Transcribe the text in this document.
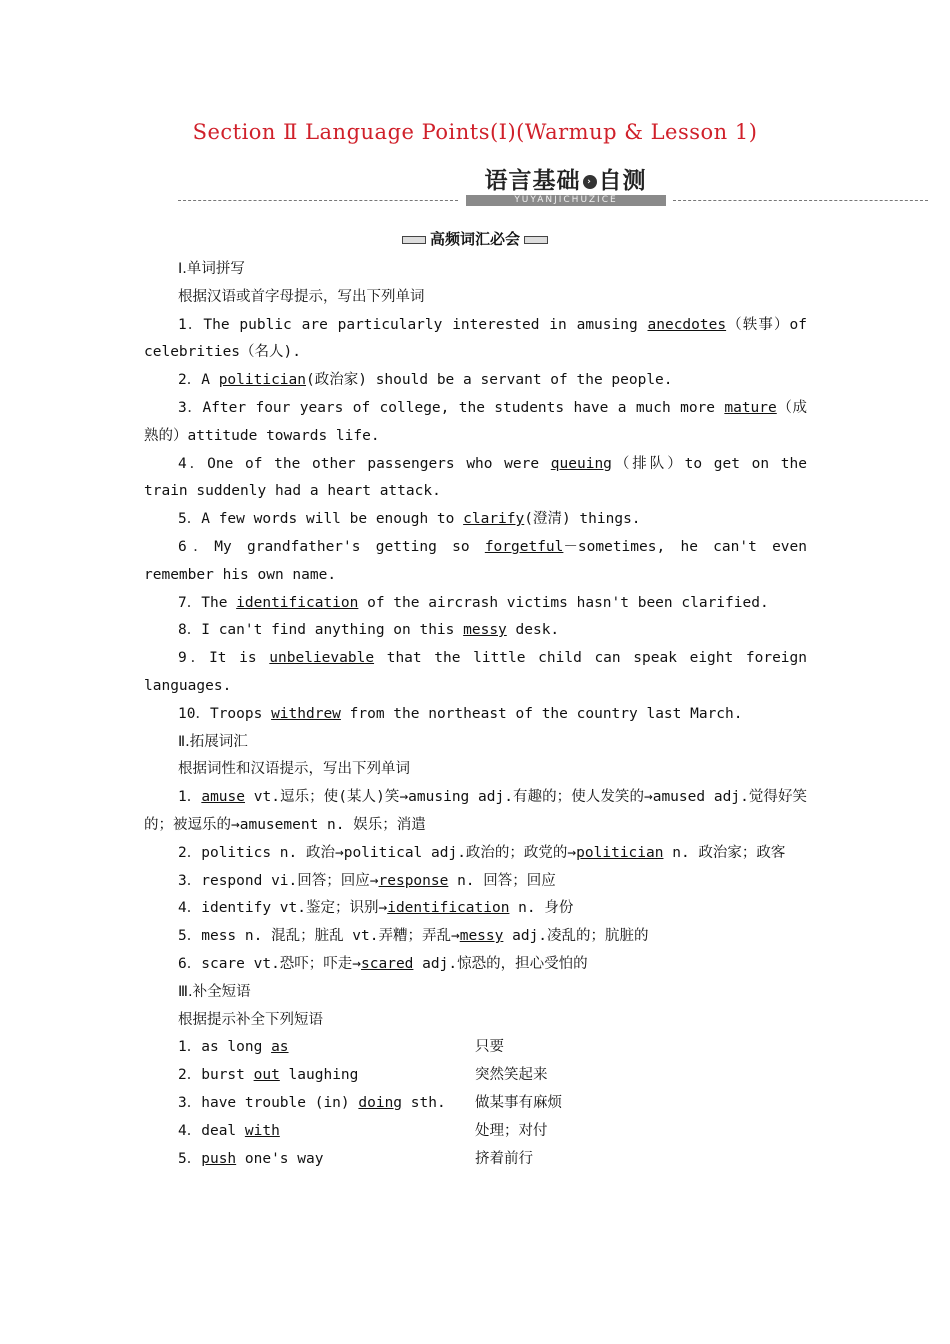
Section Ⅱ Language Points(Ⅰ)(Warmup & Lesson 1)
语言基础 › 自测
YUYANJICHUZICE
高频词汇必会

Ⅰ.单词拼写

根据汉语或首字母提示，写出下列单词

1．The public are particularly interested in amusing anecdotes（轶事）of celebrities（名人).

2．A politician(政治家) should be a servant of the people.

3．After four years of college, the students have a much more mature（成熟的）attitude towards life.

4．One of the other passengers who were queuing（排队）to get on the train suddenly had a heart attack.

5．A few words will be enough to clarify(澄清) things.

6．My grandfather's getting so forgetful－sometimes, he can't even remember his own name.

7．The identification of the aircrash victims hasn't been clarified.

8．I can't find anything on this messy desk.

9．It is unbelievable that the little child can speak eight foreign languages.

10．Troops withdrew from the northeast of the country last March.

Ⅱ.拓展词汇

根据词性和汉语提示，写出下列单词

1．amuse vt.逗乐；使(某人)笑→amusing adj.有趣的；使人发笑的→amused adj.觉得好笑的；被逗乐的→amusement n. 娱乐；消遣

2．politics n. 政治→political adj.政治的；政党的→politician n. 政治家；政客

3．respond vi.回答；回应→response n. 回答；回应

4．identify vt.鉴定；识别→identification n. 身份

5．mess n. 混乱；脏乱 vt.弄糟；弄乱→messy adj.凌乱的；肮脏的

6．scare vt.恐吓；吓走→scared adj.惊恐的，担心受怕的

Ⅲ.补全短语

根据提示补全下列短语

1．as long as	只要
2．burst out laughing	突然笑起来
3．have trouble (in) doing sth.	做某事有麻烦
4．deal with	处理；对付
5．push one's way	挤着前行
